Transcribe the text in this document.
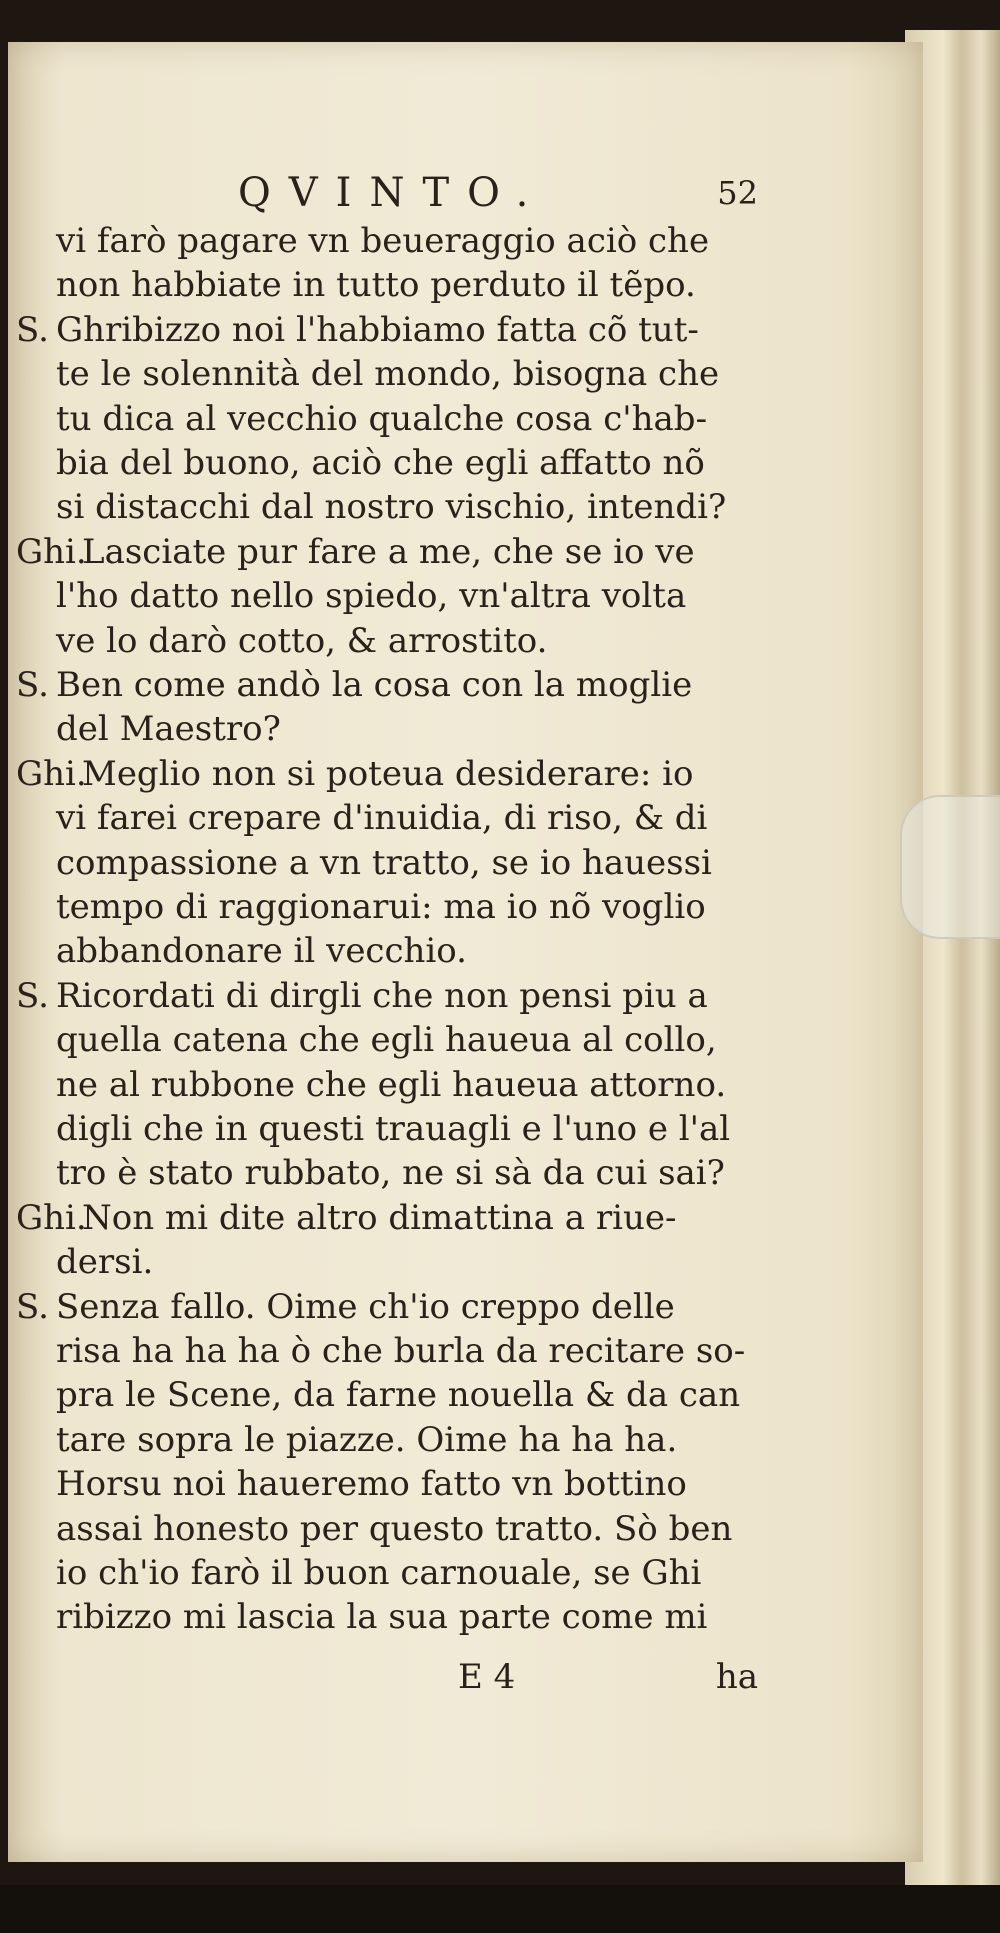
QVINTO.	52
vi farò pagare vn beueraggio aciò che
non habbiate in tutto perduto il tẽpo.
S. Ghribizzo noi l'habbiamo fatta cõ tut-
te le solennità del mondo, bisogna che
tu dica al vecchio qualche cosa c'hab-
bia del buono, aciò che egli affatto nõ
si distacchi dal nostro vischio, intendi?
Ghi.
Lasciate pur fare a me, che se io ve
l'ho datto nello spiedo, vn'altra volta
ve lo darò cotto, & arrostito.
S. Ben come andò la cosa con la moglie
del Maestro?
Ghi.
Meglio non si poteua desiderare: io
vi farei crepare d'inuidia, di riso, & di
compassione a vn tratto, se io hauessi
tempo di raggionarui: ma io nõ voglio
abbandonare il vecchio.
S. Ricordati di dirgli che non pensi piu a
quella catena che egli haueua al collo,
ne al rubbone che egli haueua attorno.
digli che in questi trauagli e l'uno e l'al
tro è stato rubbato, ne si sà da cui sai?
Ghi.
Non mi dite altro dimattina a riue-
dersi.
S. Senza fallo. Oime ch'io creppo delle
risa ha ha ha ò che burla da recitare so-
pra le Scene, da farne nouella & da can
tare sopra le piazze. Oime ha ha ha.
Horsu noi haueremo fatto vn bottino
assai honesto per questo tratto. Sò ben
io ch'io farò il buon carnouale, se Ghi
ribizzo mi lascia la sua parte come mi
E 4	ha
